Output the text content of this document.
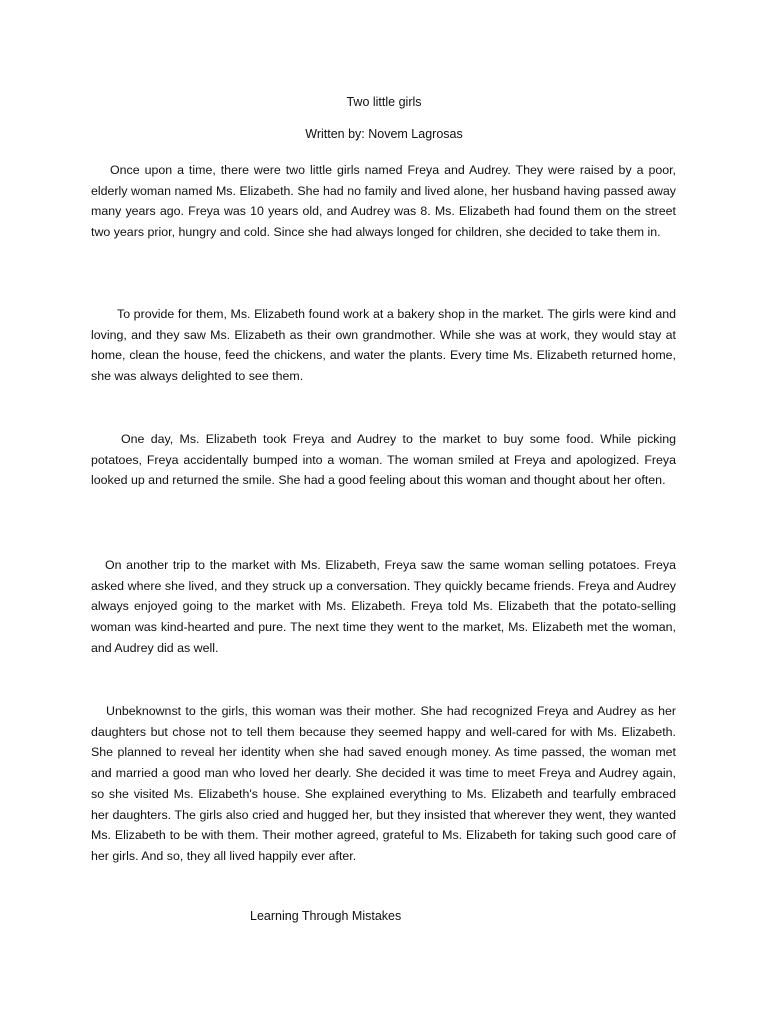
Two little girls
Written by: Novem Lagrosas

Once upon a time, there were two little girls named Freya and Audrey. They were raised by a poor, elderly woman named Ms. Elizabeth. She had no family and lived alone, her husband having passed away many years ago. Freya was 10 years old, and Audrey was 8. Ms. Elizabeth had found them on the street two years prior, hungry and cold. Since she had always longed for children, she decided to take them in.

To provide for them, Ms. Elizabeth found work at a bakery shop in the market. The girls were kind and loving, and they saw Ms. Elizabeth as their own grandmother. While she was at work, they would stay at home, clean the house, feed the chickens, and water the plants. Every time Ms. Elizabeth returned home, she was always delighted to see them.

One day, Ms. Elizabeth took Freya and Audrey to the market to buy some food. While picking potatoes, Freya accidentally bumped into a woman. The woman smiled at Freya and apologized. Freya looked up and returned the smile. She had a good feeling about this woman and thought about her often.

On another trip to the market with Ms. Elizabeth, Freya saw the same woman selling potatoes. Freya asked where she lived, and they struck up a conversation. They quickly became friends. Freya and Audrey always enjoyed going to the market with Ms. Elizabeth. Freya told Ms. Elizabeth that the potato-selling woman was kind-hearted and pure. The next time they went to the market, Ms. Elizabeth met the woman, and Audrey did as well.

Unbeknownst to the girls, this woman was their mother. She had recognized Freya and Audrey as her daughters but chose not to tell them because they seemed happy and well-cared for with Ms. Elizabeth. She planned to reveal her identity when she had saved enough money. As time passed, the woman met and married a good man who loved her dearly. She decided it was time to meet Freya and Audrey again, so she visited Ms. Elizabeth's house. She explained everything to Ms. Elizabeth and tearfully embraced her daughters. The girls also cried and hugged her, but they insisted that wherever they went, they wanted Ms. Elizabeth to be with them. Their mother agreed, grateful to Ms. Elizabeth for taking such good care of her girls. And so, they all lived happily ever after.

Learning Through Mistakes
